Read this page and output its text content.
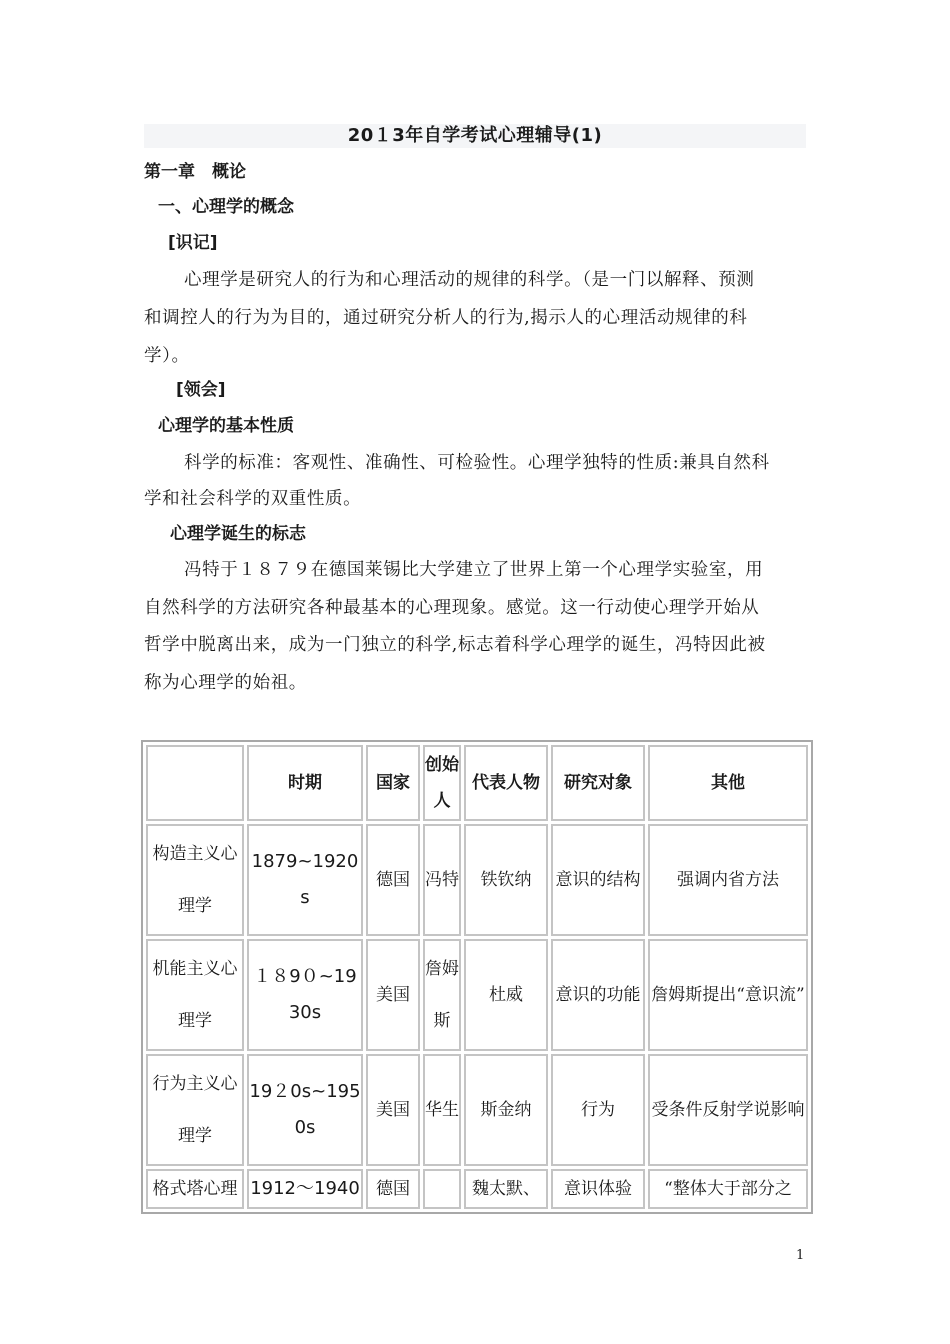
20１3年自学考试心理辅导(1)
第一章　概论
一、心理学的概念
[识记]
心理学是研究人的行为和心理活动的规律的科学。（是一门以解释、预测
和调控人的行为为目的，通过研究分析人的行为,揭示人的心理活动规律的科
学）。
[领会]
心理学的基本性质
科学的标准：客观性、准确性、可检验性。心理学独特的性质:兼具自然科
学和社会科学的双重性质。
心理学诞生的标志
冯特于１８７９在德国莱锡比大学建立了世界上第一个心理学实验室，用
自然科学的方法研究各种最基本的心理现象。感觉。这一行动使心理学开始从
哲学中脱离出来，成为一门独立的科学,标志着科学心理学的诞生，冯特因此被
称为心理学的始祖。
	时期	国家	创始人	代表人物	研究对象	其他
构造主义心理学	1879~1920s	德国	冯特	铁钦纳	意识的结构	强调内省方法
机能主义心理学	１８9０~1930s	美国	詹姆斯	杜威	意识的功能	詹姆斯提出“意识流”
行为主义心理学	19２0s~1950s	美国	华生	斯金纳	行为	受条件反射学说影响
格式塔心理	1912～1940	德国		魏太默、	意识体验	“整体大于部分之
1
